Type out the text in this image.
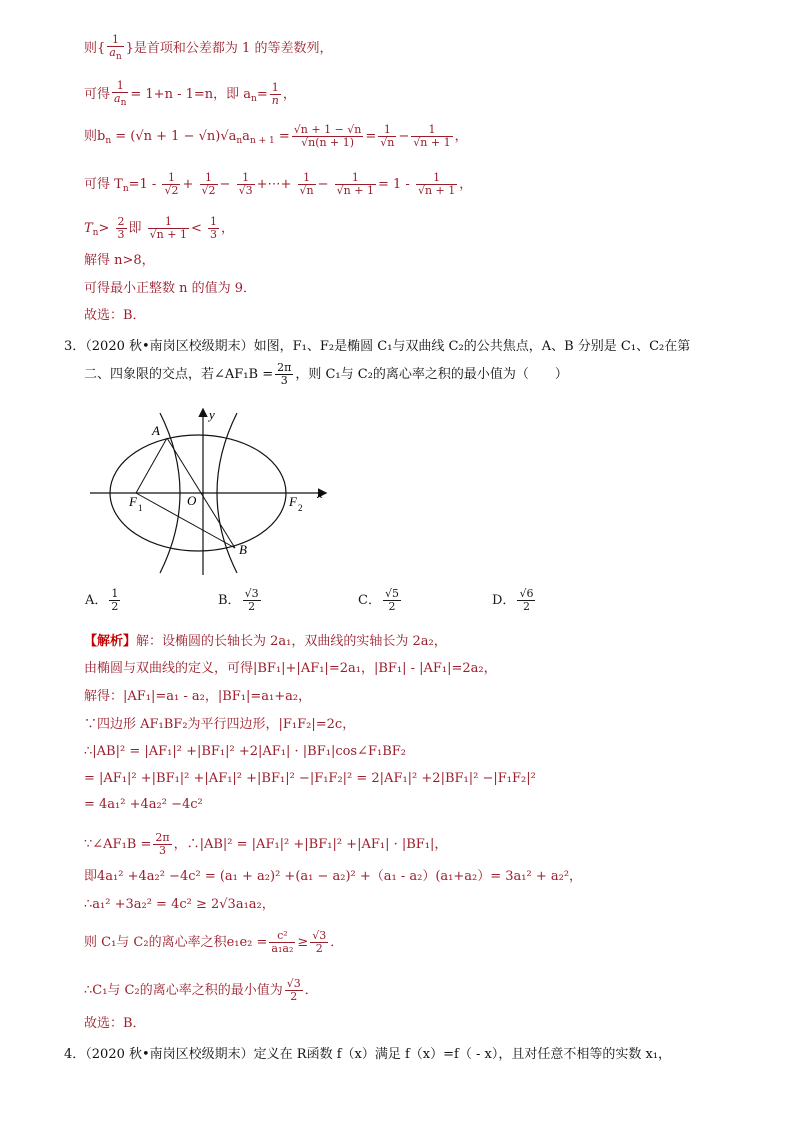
则{ $\frac{1}{a_n}$ }是首项和公差都为 1 的等差数列，
可得 $\frac{1}{a_n} = 1+n - 1=n$，即 $a_n= \frac{1}{n}$ ，
则$b_n = (√n + 1 - √n)√a_na_{n + 1} = \frac{√n + 1 - √n}{√n(n + 1)} = \frac{1}{√n} - \frac{1}{√n + 1}$ ，
可得 $T_n=1 - \frac{1}{√2} + \frac{1}{√2} - \frac{1}{√3}$ +⋯+ $\frac{1}{√n} - \frac{1}{√n + 1} = 1 - \frac{1}{√n + 1}$ ，
$T_n> \frac{2}{3}$ 即 $\frac{1}{√n + 1} < \frac{1}{3}$ ，
解得 n>8，
可得最小正整数 n 的值为 9．
故选：B．
3．（2020 秋•南岗区校级期末）如图，F₁、F₂是椭圆 C₁与双曲线 C₂的公共焦点，A、B 分别是 C₁、C₂在第
二、四象限的交点，若∠AF₁B = $\frac{2\pi}{3}$ ，则 C₁与 C₂的离心率之积的最小值为（　　）
y
x
A
B
O
F 1	F 2
A． $\frac{1}{2}$	B． $\frac{√3}{2}$	C． $\frac{√5}{2}$	D． $\frac{√6}{2}$
【解析】解：设椭圆的长轴长为 2a₁，双曲线的实轴长为 2a₂，
由椭圆与双曲线的定义，可得|BF₁|+|AF₁|=2a₁，|BF₁| - |AF₁|=2a₂，
解得：|AF₁|=a₁ - a₂，|BF₁|=a₁+a₂，
∵四边形 AF₁BF₂为平行四边形，|F₁F₂|=2c，
∴|AB|² = |AF₁|² +|BF₁|² +2|AF₁| · |BF₁|cos∠F₁BF₂
= |AF₁|² +|BF₁|² +|AF₁|² +|BF₁|² −|F₁F₂|² = 2|AF₁|² +2|BF₁|² −|F₁F₂|²
= 4a₁² +4a₂² −4c²
∵∠AF₁B = $\frac{2\pi}{3}$ ，∴|AB|² = |AF₁|² +|BF₁|² +|AF₁| · |BF₁|，
即4a₁² +4a₂² −4c² = (a₁ + a₂)² +(a₁ − a₂)² +（a₁ - a₂）(a₁+a₂）= 3a₁² + a₂²，
∴a₁² +3a₂² = 4c² ≥ 2√3a₁a₂，
则 C₁与 C₂的离心率之积$e_1e_2 = \frac{\text{c²}}{\text{a₁a₂}} \ge \frac{√3}{2}$ ．
∴C₁与 C₂的离心率之积的最小值为 $\frac{√3}{2}$ ．
故选：B．
4．（2020 秋•南岗区校级期末）定义在 R函数 f（x）满足 f（x）=f（ - x），且对任意不相等的实数 x₁，
